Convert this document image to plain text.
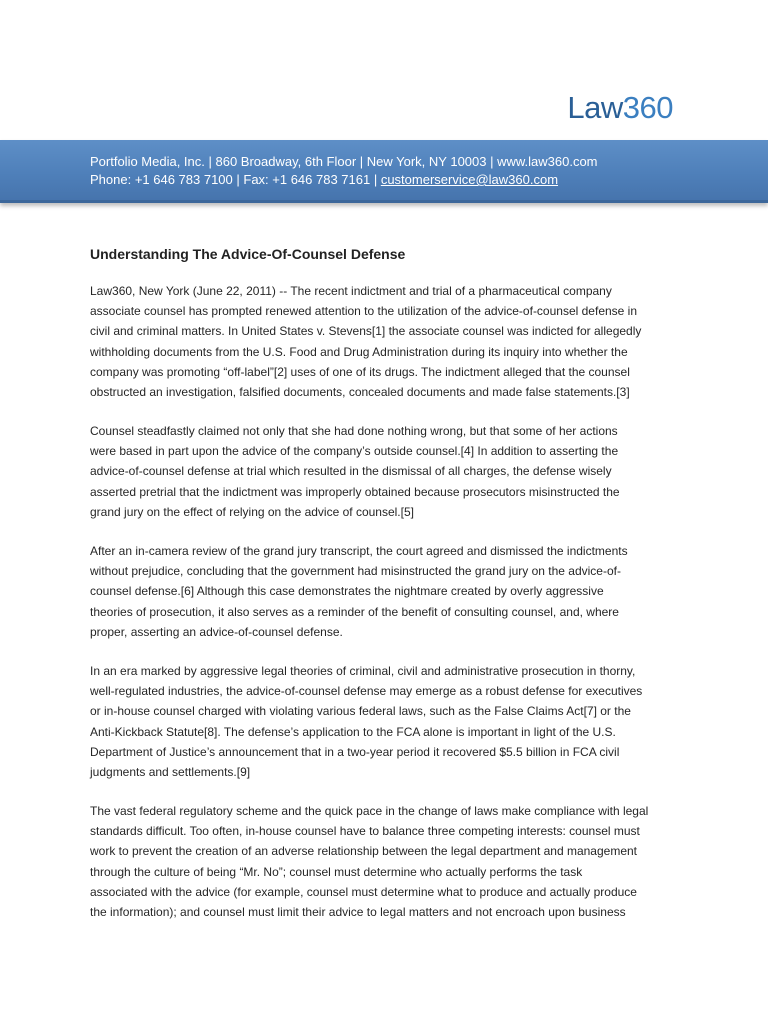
Law360
Portfolio Media, Inc. | 860 Broadway, 6th Floor | New York, NY 10003 | www.law360.com
Phone: +1 646 783 7100 | Fax: +1 646 783 7161 | customerservice@law360.com
Understanding The Advice-Of-Counsel Defense
Law360, New York (June 22, 2011) -- The recent indictment and trial of a pharmaceutical company
associate counsel has prompted renewed attention to the utilization of the advice-of-counsel defense in
civil and criminal matters. In United States v. Stevens[1] the associate counsel was indicted for allegedly
withholding documents from the U.S. Food and Drug Administration during its inquiry into whether the
company was promoting “off-label”[2] uses of one of its drugs. The indictment alleged that the counsel
obstructed an investigation, falsified documents, concealed documents and made false statements.[3]
Counsel steadfastly claimed not only that she had done nothing wrong, but that some of her actions
were based in part upon the advice of the company’s outside counsel.[4] In addition to asserting the
advice-of-counsel defense at trial which resulted in the dismissal of all charges, the defense wisely
asserted pretrial that the indictment was improperly obtained because prosecutors misinstructed the
grand jury on the effect of relying on the advice of counsel.[5]
After an in-camera review of the grand jury transcript, the court agreed and dismissed the indictments
without prejudice, concluding that the government had misinstructed the grand jury on the advice-of-
counsel defense.[6] Although this case demonstrates the nightmare created by overly aggressive
theories of prosecution, it also serves as a reminder of the benefit of consulting counsel, and, where
proper, asserting an advice-of-counsel defense.
In an era marked by aggressive legal theories of criminal, civil and administrative prosecution in thorny,
well-regulated industries, the advice-of-counsel defense may emerge as a robust defense for executives
or in-house counsel charged with violating various federal laws, such as the False Claims Act[7] or the
Anti-Kickback Statute[8]. The defense’s application to the FCA alone is important in light of the U.S.
Department of Justice’s announcement that in a two-year period it recovered $5.5 billion in FCA civil
judgments and settlements.[9]
The vast federal regulatory scheme and the quick pace in the change of laws make compliance with legal
standards difficult. Too often, in-house counsel have to balance three competing interests: counsel must
work to prevent the creation of an adverse relationship between the legal department and management
through the culture of being “Mr. No”; counsel must determine who actually performs the task
associated with the advice (for example, counsel must determine what to produce and actually produce
the information); and counsel must limit their advice to legal matters and not encroach upon business
